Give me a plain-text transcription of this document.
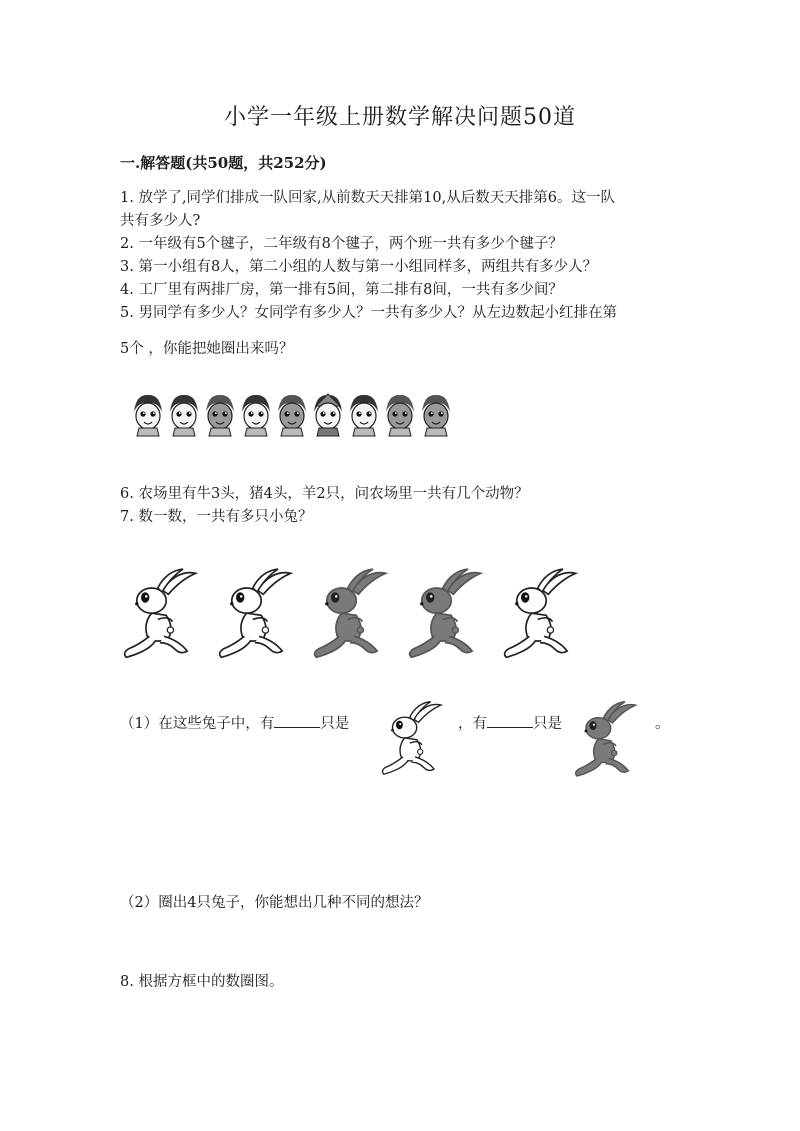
小学一年级上册数学解决问题50道
一.解答题(共50题，共252分)
1. 放学了,同学们排成一队回家,从前数天天排第10,从后数天天排第6。这一队
共有多少人?
2. 一年级有5个毽子，二年级有8个毽子，两个班一共有多少个毽子？
3. 第一小组有8人，第二小组的人数与第一小组同样多，两组共有多少人？
4. 工厂里有两排厂房，第一排有5间，第二排有8间，一共有多少间？
5. 男同学有多少人？女同学有多少人？一共有多少人？从左边数起小红排在第
5个 ，你能把她圈出来吗？
6. 农场里有牛3头，猪4头，羊2只，问农场里一共有几个动物？
7. 数一数，一共有多只小兔？
（1）在这些兔子中，有	只是	，有	只是	。
（2）圈出4只兔子，你能想出几种不同的想法？
8. 根据方框中的数圈图。
